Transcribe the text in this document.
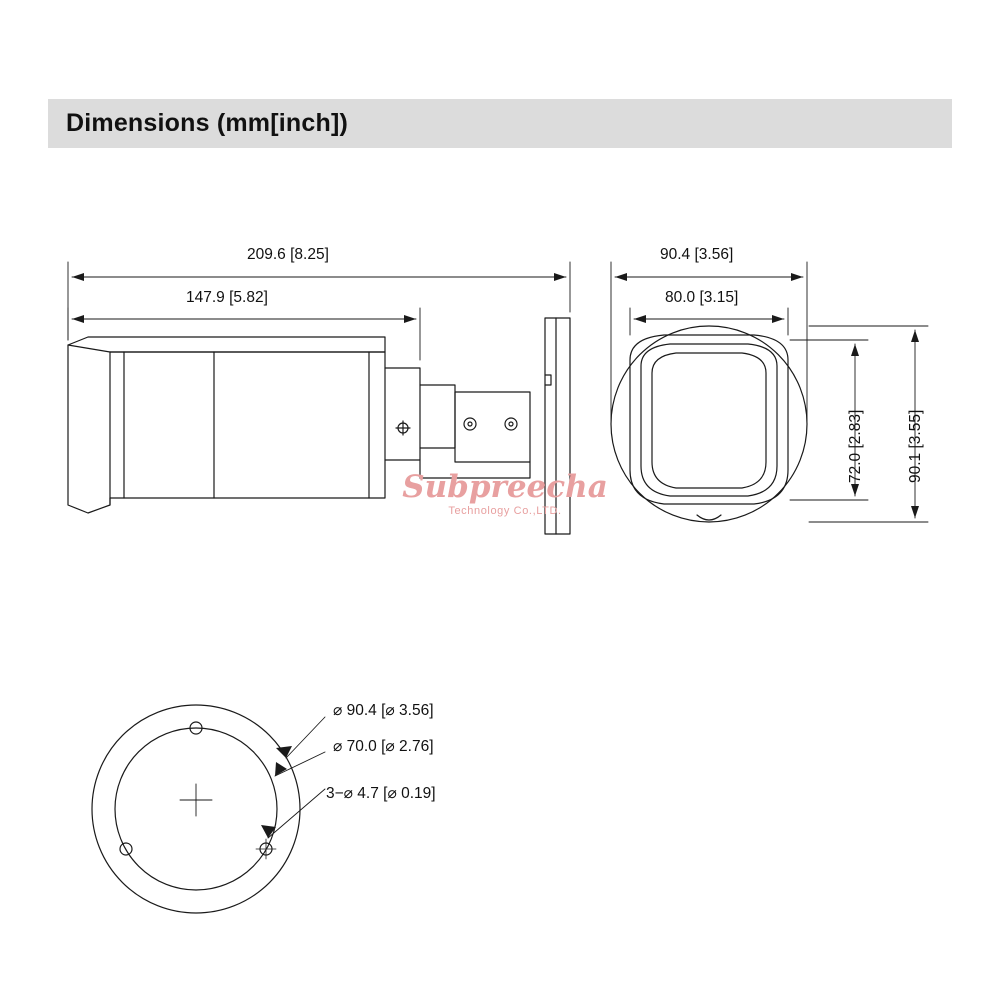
Dimensions (mm[inch])
209.6 [8.25]
147.9 [5.82]
90.4 [3.56]
80.0 [3.15]
72.0 [2.83]	90.1 [3.55]
⌀ 90.4 [⌀ 3.56]
⌀ 70.0 [⌀ 2.76]
3−⌀ 4.7 [⌀ 0.19]
Subpreecha
Technology Co.,LTD.
